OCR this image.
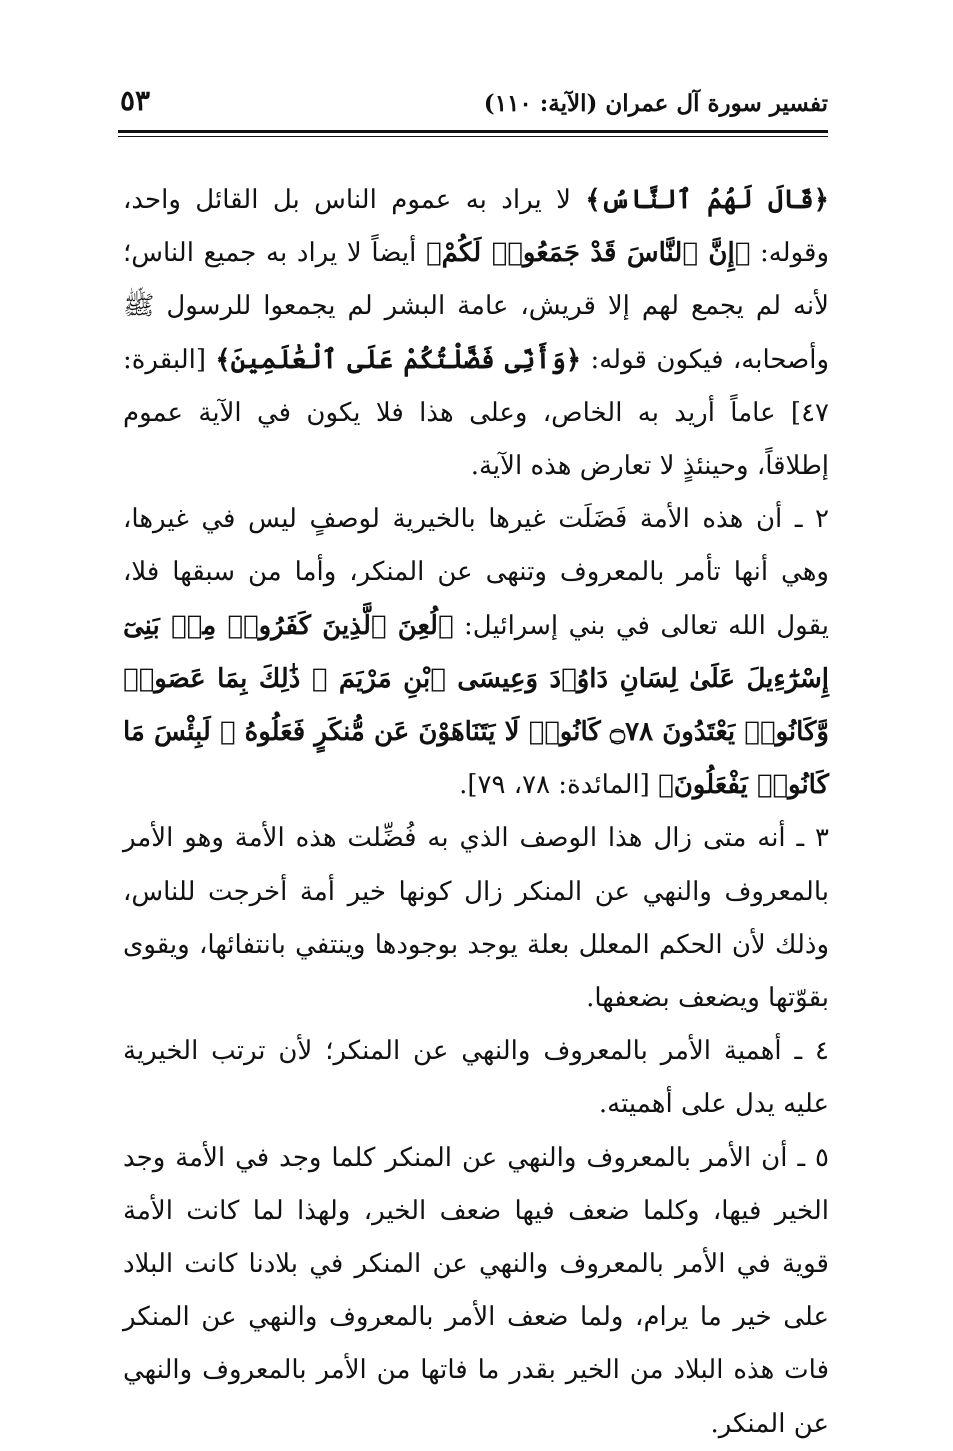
٥٣	تفسير سورة آل عمران (الآية: ١١٠)

﴿قَالَ لَهُمُ ٱلنَّاسُ﴾ لا يراد به عموم الناس بل القائل واحد، وقوله: ﴿إِنَّ ٱلنَّاسَ قَدْ جَمَعُوا۟ لَكُمْ﴾ أيضاً لا يراد به جميع الناس؛ لأنه لم يجمع لهم إلا قريش، عامة البشر لم يجمعوا للرسول ﷺ وأصحابه، فيكون قوله: ﴿وَأَنِّى فَضَّلْتُكُمْ عَلَى ٱلْعَٰلَمِينَ﴾ [البقرة: ٤٧] عاماً أريد به الخاص، وعلى هذا فلا يكون في الآية عموم إطلاقاً، وحينئذٍ لا تعارض هذه الآية.

٢ ـ أن هذه الأمة فَضَلَت غيرها بالخيرية لوصفٍ ليس في غيرها، وهي أنها تأمر بالمعروف وتنهى عن المنكر، وأما من سبقها فلا، يقول الله تعالى في بني إسرائيل: ﴿لُعِنَ ٱلَّذِينَ كَفَرُوا۟ مِنۢ بَنِىٓ إِسْرَٰٓءِيلَ عَلَىٰ لِسَانِ دَاوُۥدَ وَعِيسَى ٱبْنِ مَرْيَمَ ۚ ذَٰلِكَ بِمَا عَصَوا۟ وَّكَانُوا۟ يَعْتَدُونَ ۝٧٨ كَانُوا۟ لَا يَتَنَاهَوْنَ عَن مُّنكَرٍ فَعَلُوهُ ۚ لَبِئْسَ مَا كَانُوا۟ يَفْعَلُونَ﴾ [المائدة: ٧٨، ٧٩].

٣ ـ أنه متى زال هذا الوصف الذي به فُضِّلت هذه الأمة وهو الأمر بالمعروف والنهي عن المنكر زال كونها خير أمة أخرجت للناس، وذلك لأن الحكم المعلل بعلة يوجد بوجودها وينتفي بانتفائها، ويقوى بقوّتها ويضعف بضعفها.

٤ ـ أهمية الأمر بالمعروف والنهي عن المنكر؛ لأن ترتب الخيرية عليه يدل على أهميته.

٥ ـ أن الأمر بالمعروف والنهي عن المنكر كلما وجد في الأمة وجد الخير فيها، وكلما ضعف فيها ضعف الخير، ولهذا لما كانت الأمة قوية في الأمر بالمعروف والنهي عن المنكر في بلادنا كانت البلاد على خير ما يرام، ولما ضعف الأمر بالمعروف والنهي عن المنكر فات هذه البلاد من الخير بقدر ما فاتها من الأمر بالمعروف والنهي عن المنكر.
